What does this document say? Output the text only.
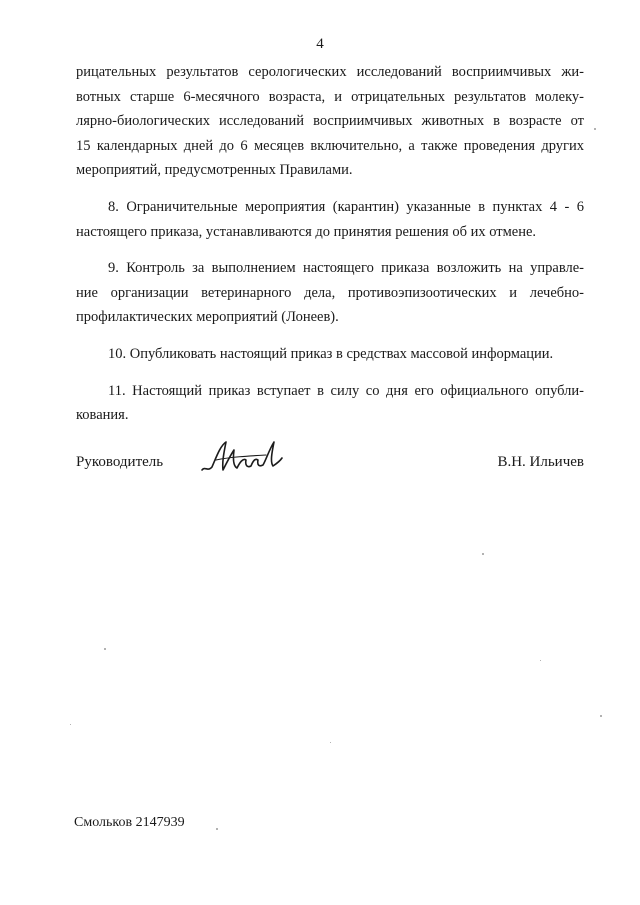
4
рицательных результатов серологических исследований восприимчивых жи-
вотных старше 6-месячного возраста, и отрицательных результатов молеку-
лярно-биологических исследований восприимчивых животных в возрасте от
15 календарных дней до 6 месяцев включительно, а также проведения других
мероприятий, предусмотренных Правилами.
8. Ограничительные мероприятия (карантин) указанные в пунктах 4 - 6
настоящего приказа, устанавливаются до принятия решения об их отмене.
9. Контроль за выполнением настоящего приказа возложить на управле-
ние организации ветеринарного дела, противоэпизоотических и лечебно-
профилактических мероприятий (Лонеев).
10. Опубликовать настоящий приказ в средствах массовой информации.
11. Настоящий приказ вступает в силу со дня его официального опубли-
кования.
Руководитель	В.Н. Ильичев
Смольков 2147939
